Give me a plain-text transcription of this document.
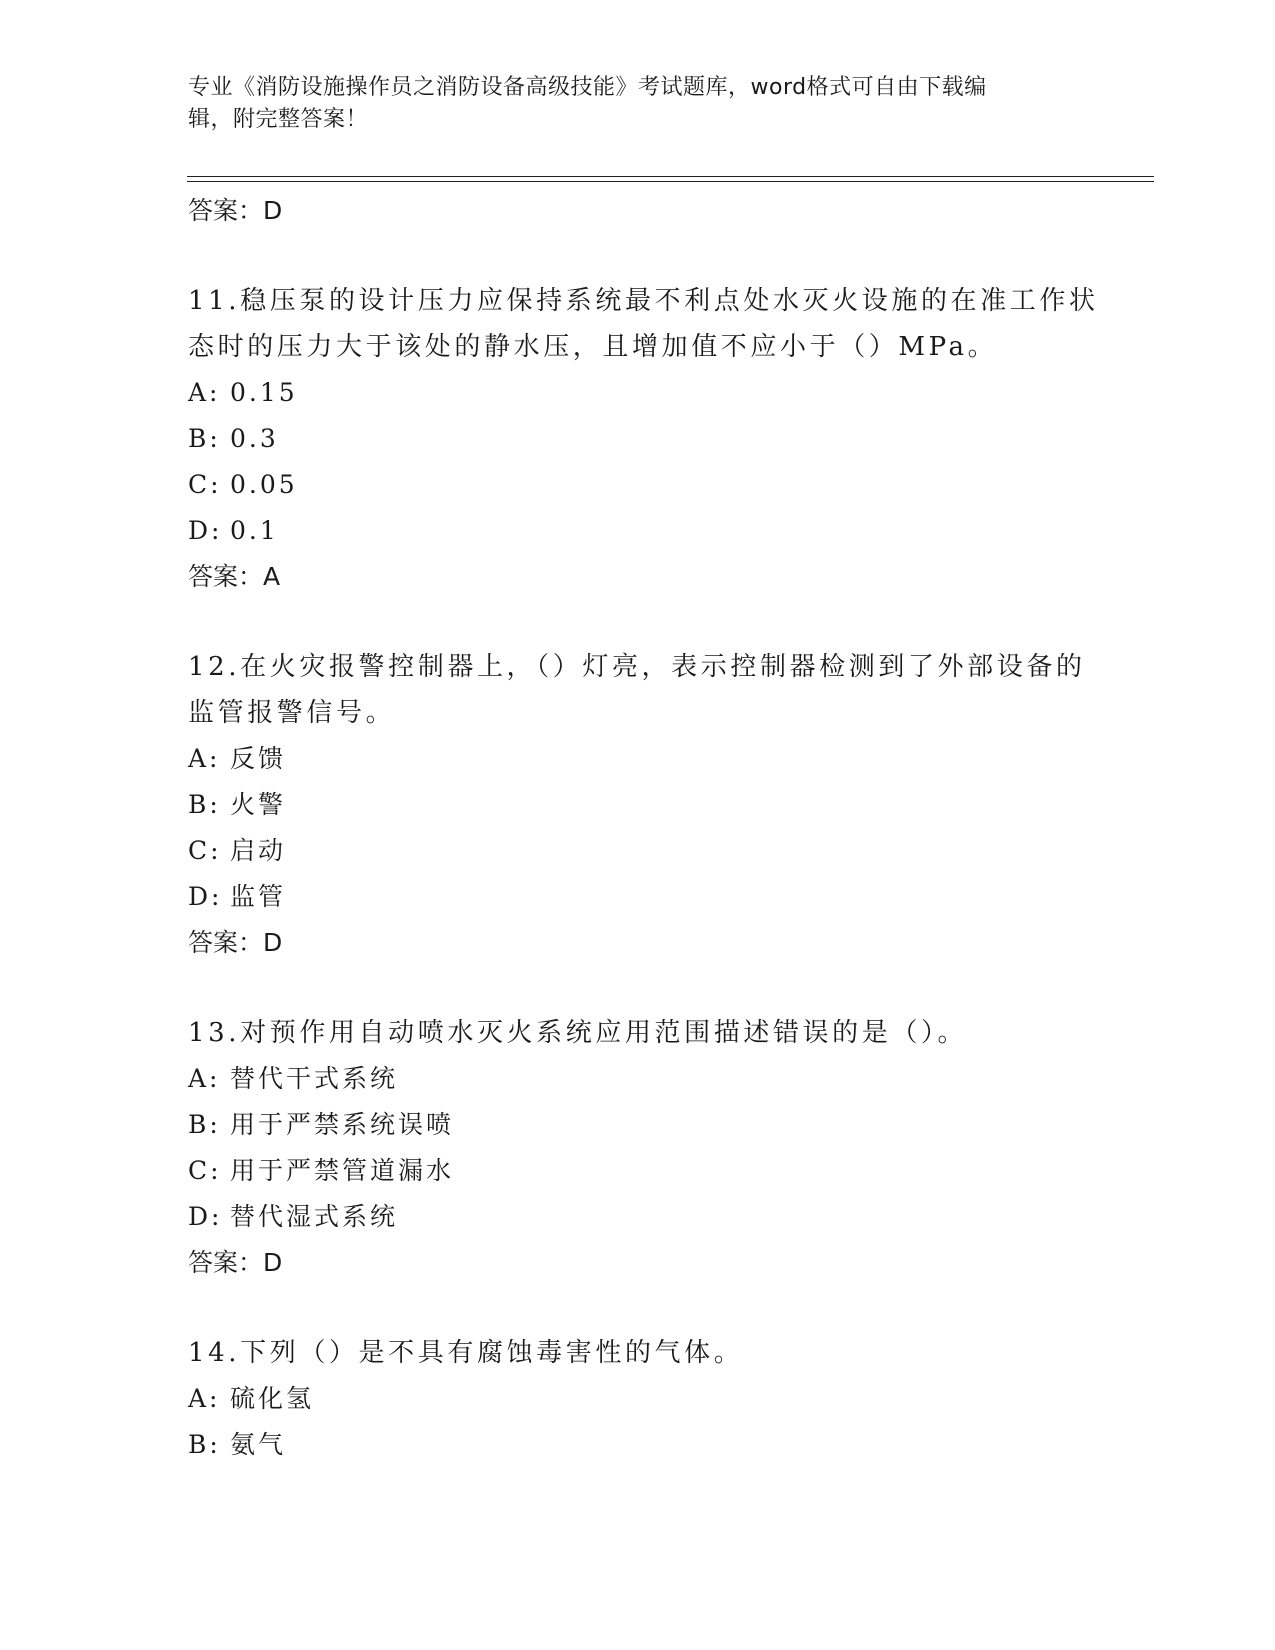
专业《消防设施操作员之消防设备高级技能》考试题库，word格式可自由下载编
辑，附完整答案！
答案：D
11.稳压泵的设计压力应保持系统最不利点处水灭火设施的在准工作状
态时的压力大于该处的静水压，且增加值不应小于（）MPa。
A: 0.15
B: 0.3
C: 0.05
D: 0.1
答案：A
12.在火灾报警控制器上，（）灯亮，表示控制器检测到了外部设备的
监管报警信号。
A: 反馈
B: 火警
C: 启动
D: 监管
答案：D
13.对预作用自动喷水灭火系统应用范围描述错误的是（）。
A: 替代干式系统
B: 用于严禁系统误喷
C: 用于严禁管道漏水
D: 替代湿式系统
答案：D
14.下列（）是不具有腐蚀毒害性的气体。
A: 硫化氢
B: 氨气
